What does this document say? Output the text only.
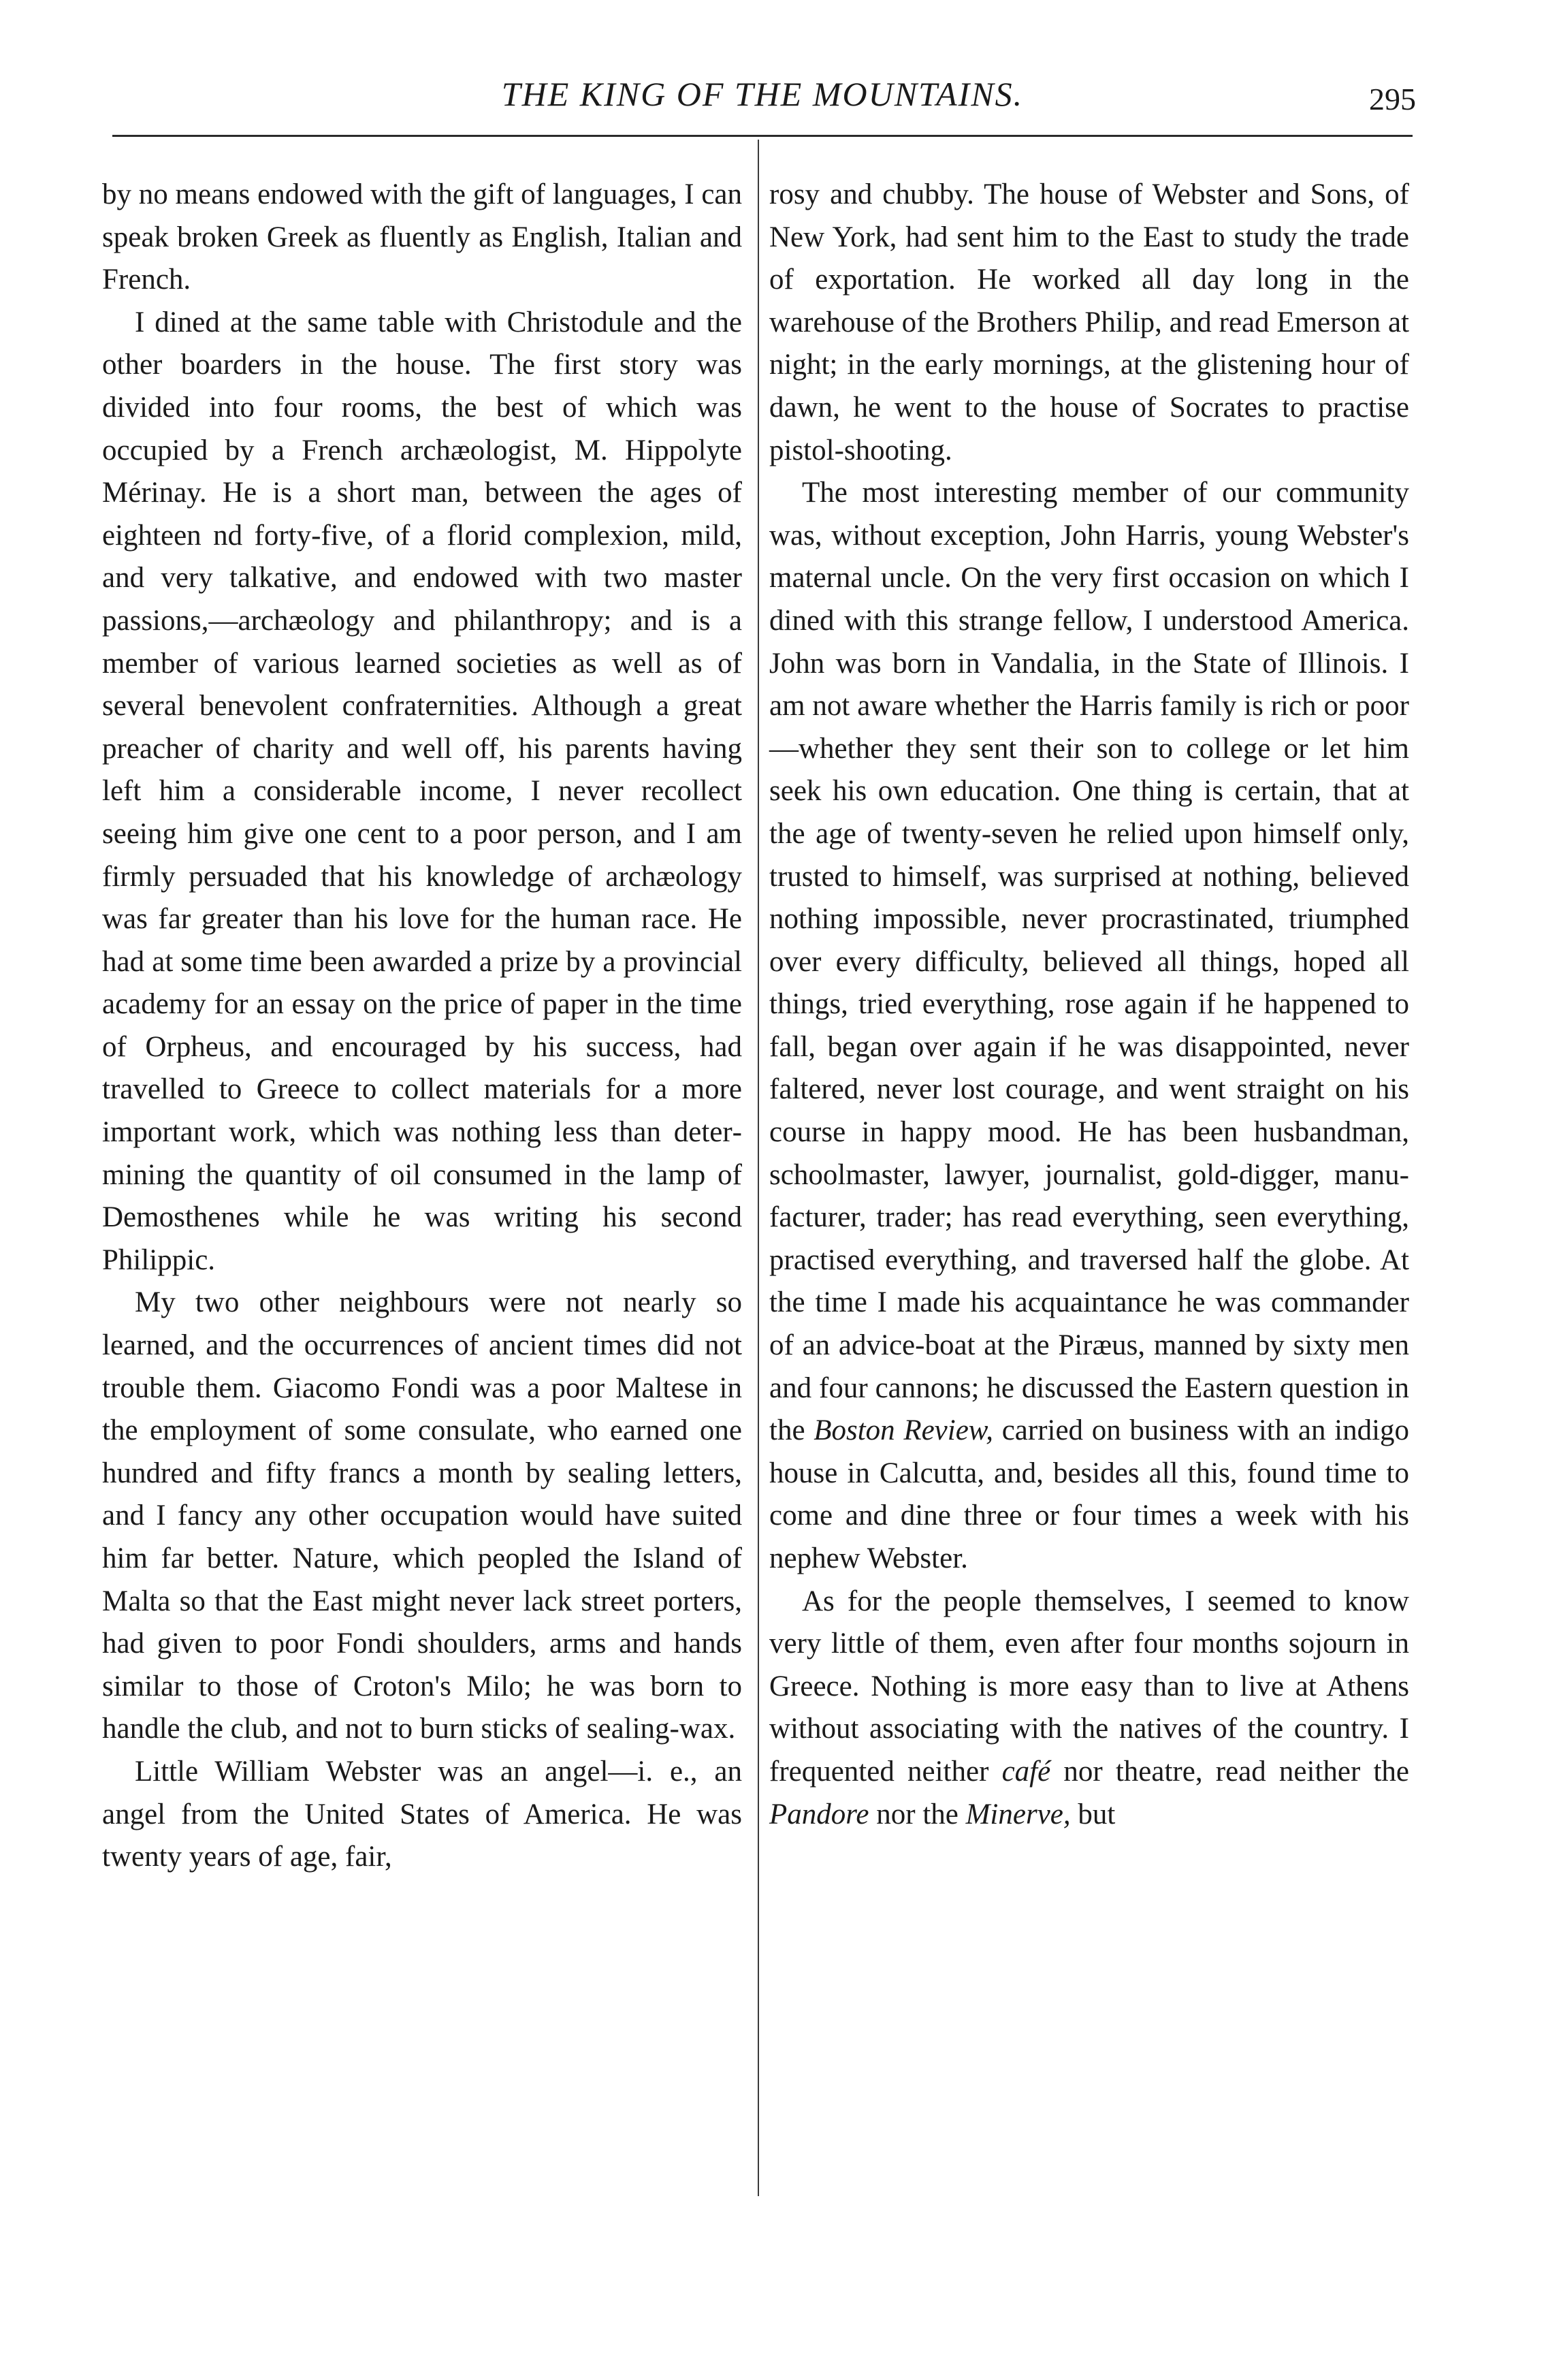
THE KING OF THE MOUNTAINS.	295

by no means endowed with the gift of languages, I can speak broken Greek as fluently as English, Italian and French.

I dined at the same table with Christodule and the other boarders in the house. The first story was divided into four rooms, the best of which was occupied by a French archæologist, M. Hippolyte Mérinay. He is a short man, between the ages of eighteen nd forty-five, of a florid complexion, mild, and very talkative, and endowed with two master passions,—archæology and philanthropy; and is a member of various learned societies as well as of several benevolent confraternities. Although a great preacher of charity and well off, his parents having left him a considerable income, I never recollect seeing him give one cent to a poor person, and I am firmly persuaded that his knowledge of archæology was far greater than his love for the human race. He had at some time been awarded a prize by a provincial academy for an essay on the price of paper in the time of Orpheus, and encouraged by his success, had travelled to Greece to collect materials for a more important work, which was nothing less than determining the quantity of oil consumed in the lamp of Demosthenes while he was writing his second Philippic.

My two other neighbours were not nearly so learned, and the occurrences of ancient times did not trouble them. Giacomo Fondi was a poor Maltese in the employment of some consulate, who earned one hundred and fifty francs a month by sealing letters, and I fancy any other occupation would have suited him far better. Nature, which peopled the Island of Malta so that the East might never lack street porters, had given to poor Fondi shoulders, arms and hands similar to those of Croton's Milo; he was born to handle the club, and not to burn sticks of sealing-wax.

Little William Webster was an angel—i. e., an angel from the United States of America. He was twenty years of age, fair,

rosy and chubby. The house of Webster and Sons, of New York, had sent him to the East to study the trade of exportation. He worked all day long in the warehouse of the Brothers Philip, and read Emerson at night; in the early mornings, at the glistening hour of dawn, he went to the house of Socrates to practise pistol-shooting.

The most interesting member of our community was, without exception, John Harris, young Webster's maternal uncle. On the very first occasion on which I dined with this strange fellow, I understood America. John was born in Vandalia, in the State of Illinois. I am not aware whether the Harris family is rich or poor—whether they sent their son to college or let him seek his own education. One thing is certain, that at the age of twenty-seven he relied upon himself only, trusted to himself, was surprised at nothing, believed nothing impossible, never procrastinated, triumphed over every difficulty, believed all things, hoped all things, tried everything, rose again if he happened to fall, began over again if he was disappointed, never faltered, never lost courage, and went straight on his course in happy mood. He has been husbandman, schoolmaster, lawyer, journalist, gold-digger, manufacturer, trader; has read everything, seen everything, practised everything, and traversed half the globe. At the time I made his acquaintance he was commander of an advice-boat at the Piræus, manned by sixty men and four cannons; he discussed the Eastern question in the Boston Review, carried on business with an indigo house in Calcutta, and, besides all this, found time to come and dine three or four times a week with his nephew Webster.

As for the people themselves, I seemed to know very little of them, even after four months sojourn in Greece. Nothing is more easy than to live at Athens without associating with the natives of the country. I frequented neither café nor theatre, read neither the Pandore nor the Minerve, but
